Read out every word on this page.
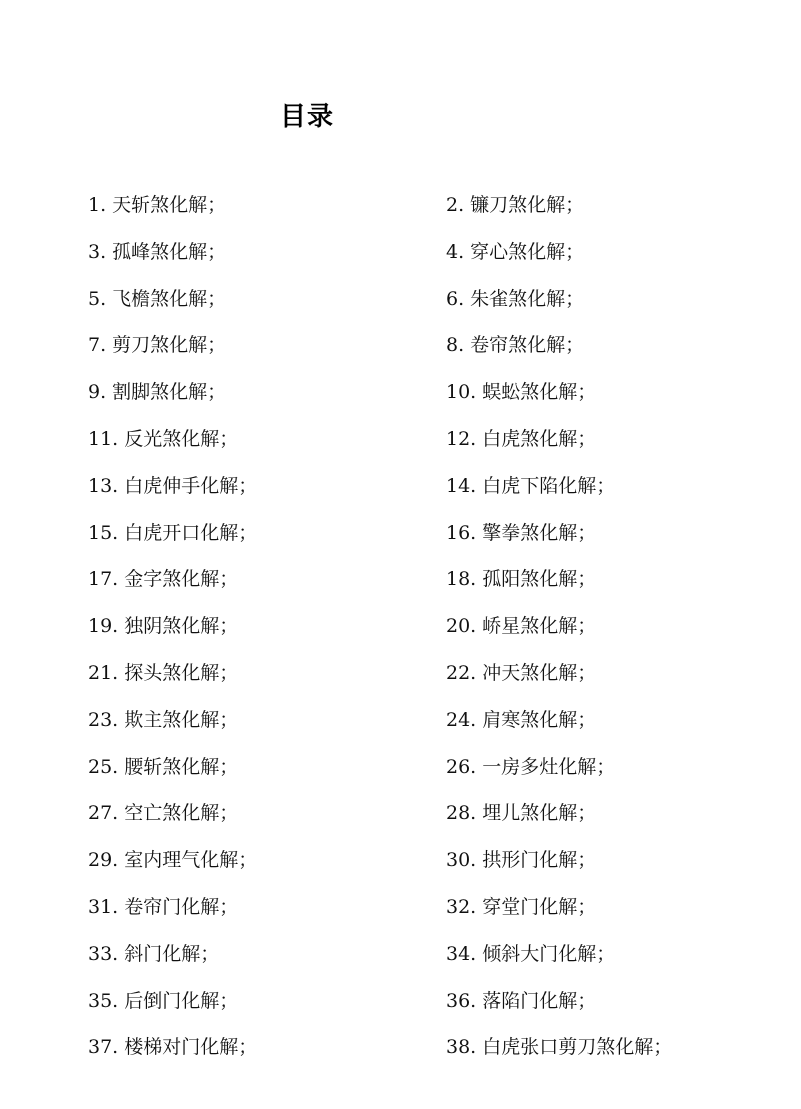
目录
1. 天斩煞化解；	2. 镰刀煞化解；
3. 孤峰煞化解；	4. 穿心煞化解；
5. 飞檐煞化解；	6. 朱雀煞化解；
7. 剪刀煞化解；	8. 卷帘煞化解；
9. 割脚煞化解；	10. 蜈蚣煞化解；
11. 反光煞化解；	12. 白虎煞化解；
13. 白虎伸手化解；	14. 白虎下陷化解；
15. 白虎开口化解；	16. 擎拳煞化解；
17. 金字煞化解；	18. 孤阳煞化解；
19. 独阴煞化解；	20. 峤星煞化解；
21. 探头煞化解；	22. 冲天煞化解；
23. 欺主煞化解；	24. 肩寒煞化解；
25. 腰斩煞化解；	26. 一房多灶化解；
27. 空亡煞化解；	28. 埋儿煞化解；
29. 室内理气化解；	30. 拱形门化解；
31. 卷帘门化解；	32. 穿堂门化解；
33. 斜门化解；	34. 倾斜大门化解；
35. 后倒门化解；	36. 落陷门化解；
37. 楼梯对门化解；	38. 白虎张口剪刀煞化解；
